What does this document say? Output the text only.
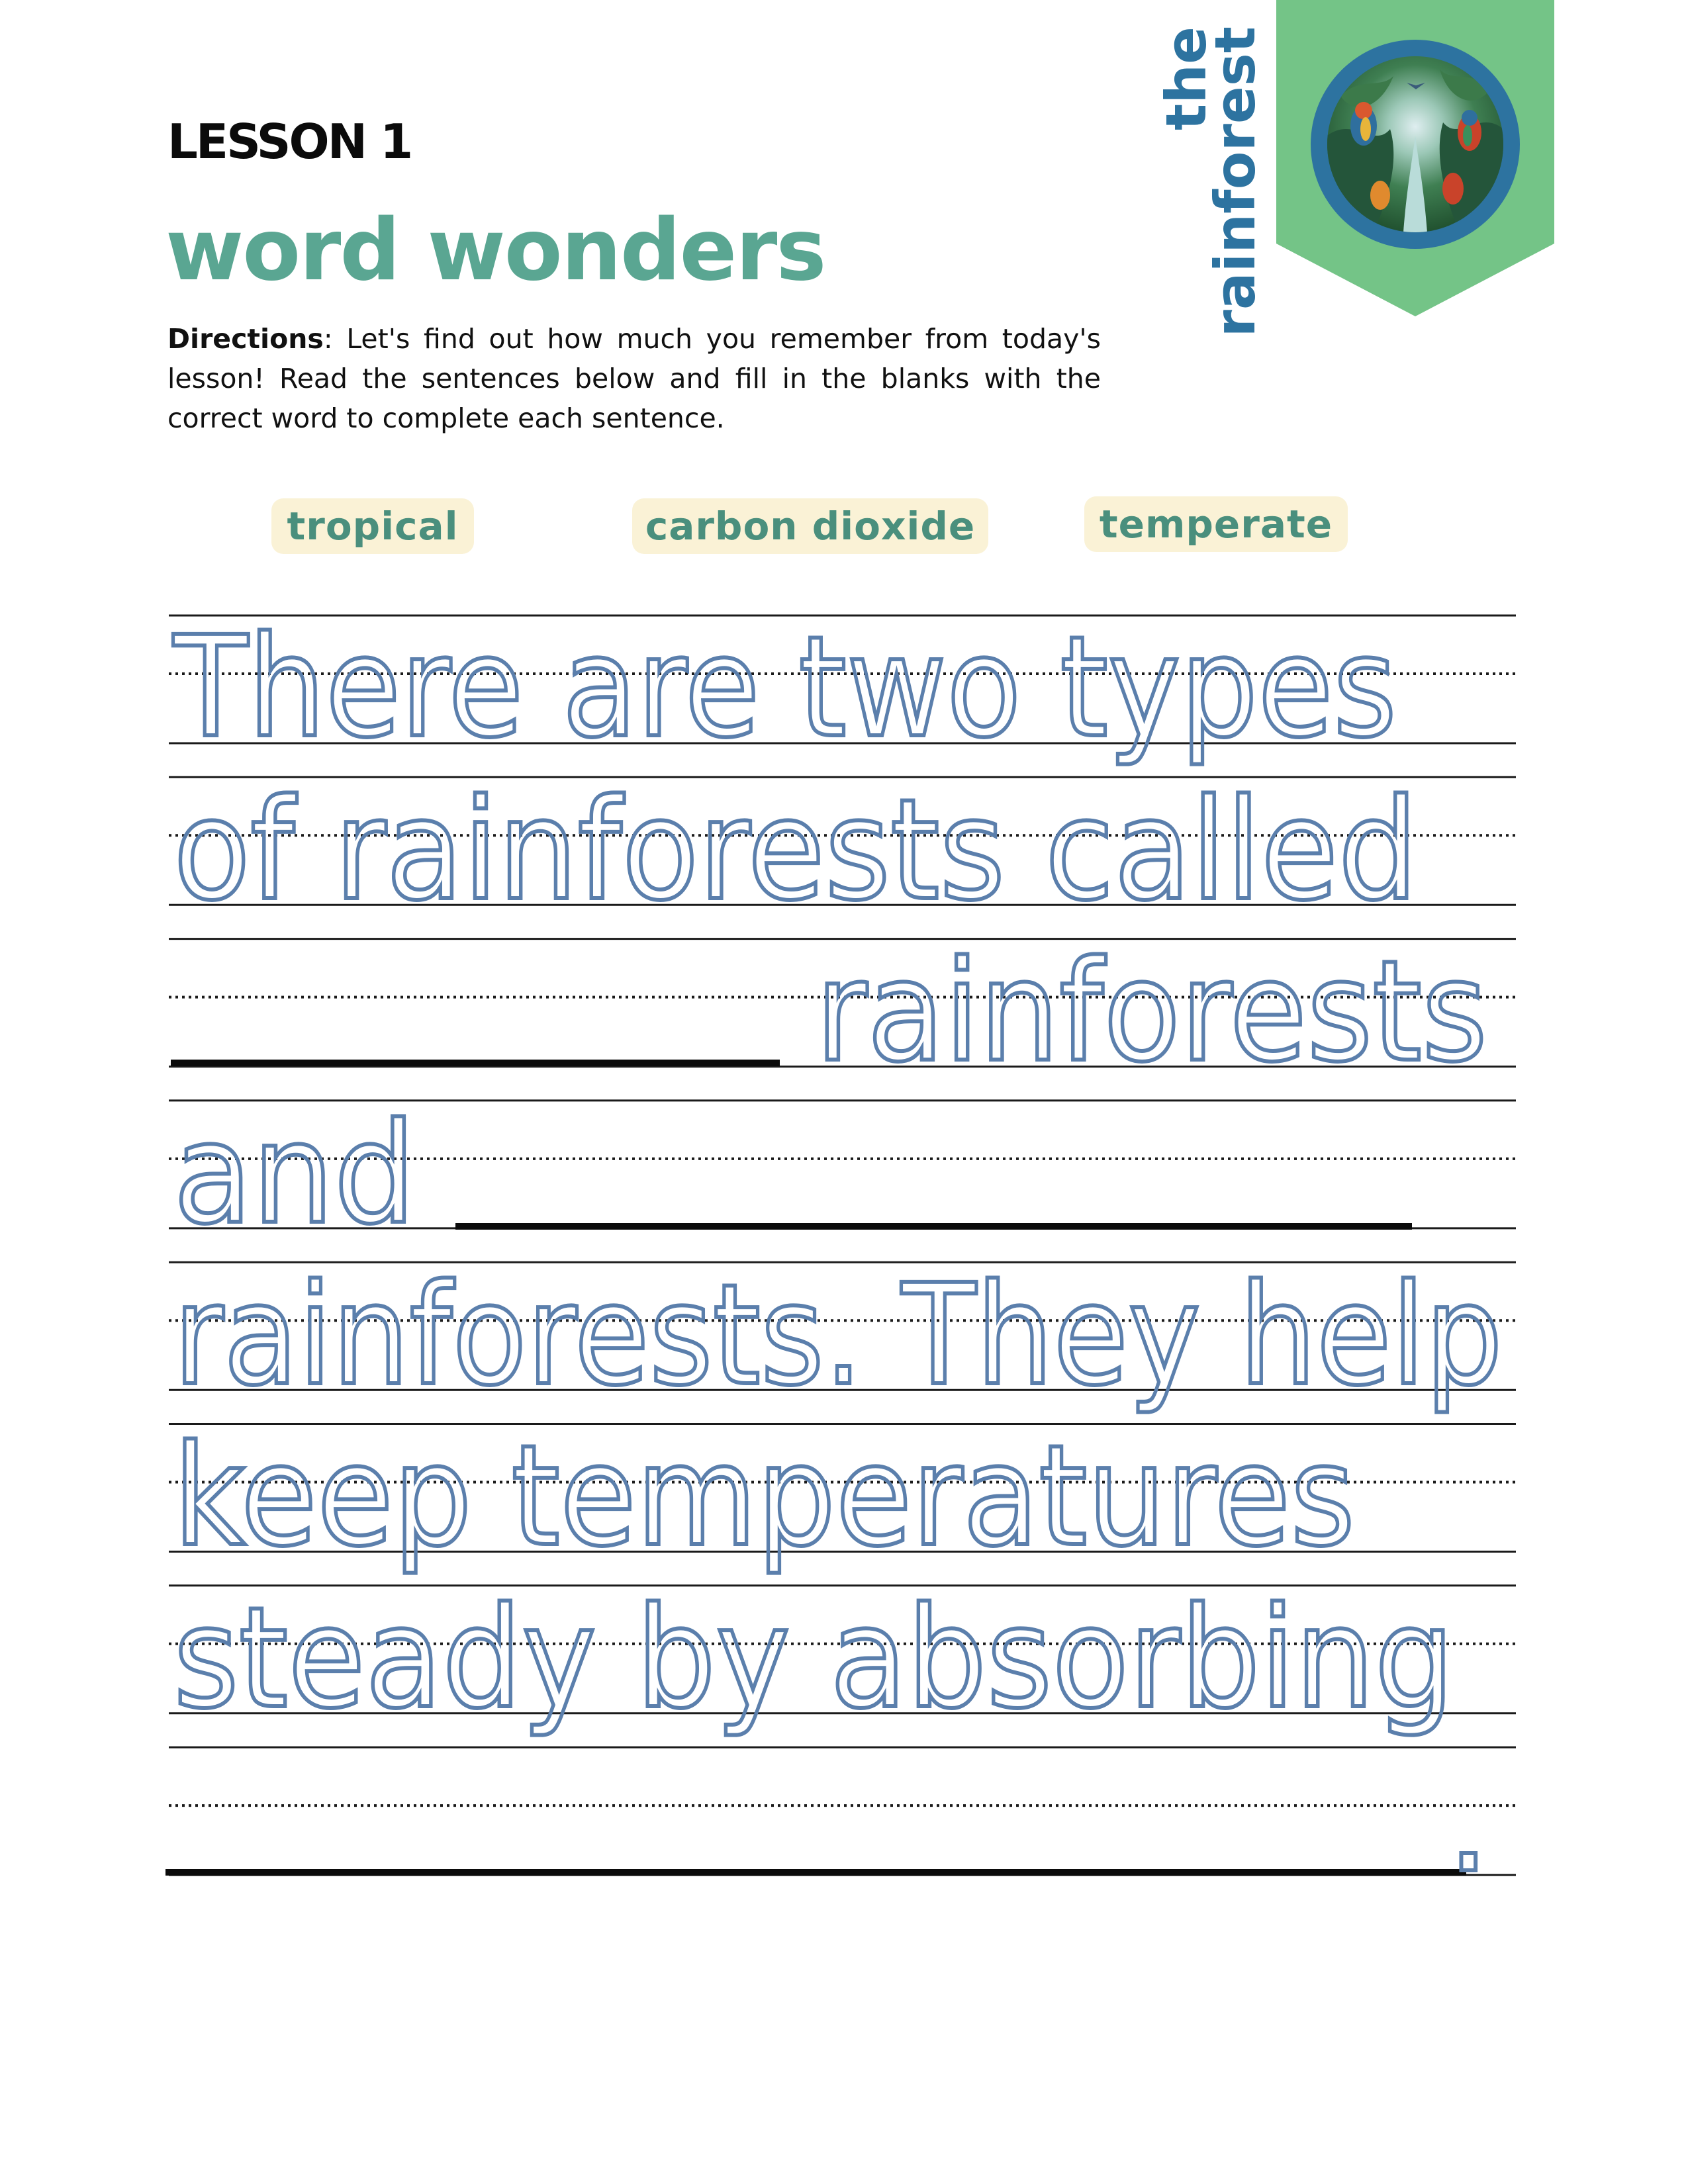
LESSON 1
word wonders
Directions: Let's find out how much you remember from today's lesson! Read the sentences below and fill in the blanks with the correct word to complete each sentence.
the
rainforest
tropical	carbon dioxide	temperate
There are two types
of rainforests called
rainforests
and
rainforests. They help
keep temperatures
steady by absorbing
.
